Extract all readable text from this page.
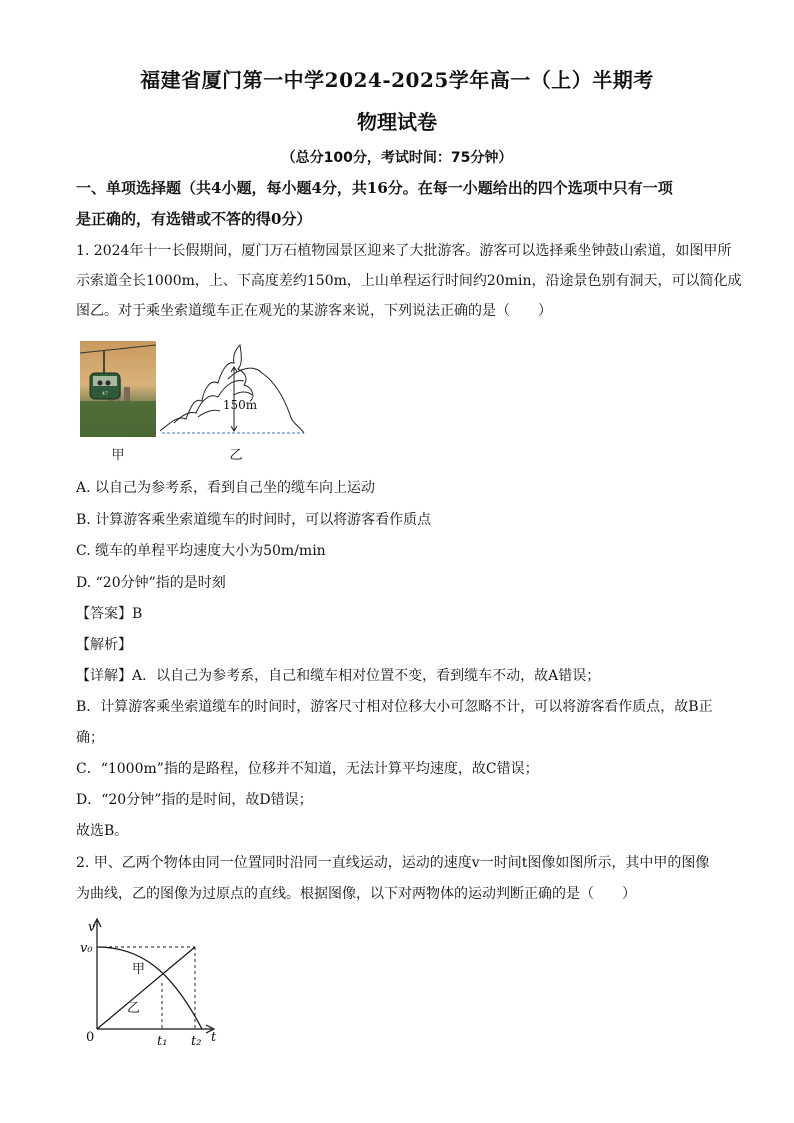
福建省厦门第一中学2024-2025学年高一（上）半期考
物理试卷
（总分100分，考试时间：75分钟）
一、单项选择题（共4小题，每小题4分，共16分。在每一小题给出的四个选项中只有一项
是正确的，有选错或不答的得0分）
1. 2024年十一长假期间，厦门万石植物园景区迎来了大批游客。游客可以选择乘坐钟鼓山索道，如图甲所
示索道全长1000m，上、下高度差约150m，上山单程运行时间约20min，沿途景色别有洞天，可以简化成
图乙。对于乘坐索道缆车正在观光的某游客来说，下列说法正确的是（　　）
47
甲
150m
乙
A. 以自己为参考系，看到自己坐的缆车向上运动
B. 计算游客乘坐索道缆车的时间时，可以将游客看作质点
C. 缆车的单程平均速度大小为50m/min
D. “20分钟”指的是时刻
【答案】B
【解析】
【详解】A．以自己为参考系，自己和缆车相对位置不变，看到缆车不动，故A错误；
B．计算游客乘坐索道缆车的时间时，游客尺寸相对位移大小可忽略不计，可以将游客看作质点，故B正
确；
C．“1000m”指的是路程，位移并不知道，无法计算平均速度，故C错误；
D．“20分钟”指的是时间，故D错误；
故选B。
2. 甲、乙两个物体由同一位置同时沿同一直线运动，运动的速度v一时间t图像如图所示，其中甲的图像
为曲线，乙的图像为过原点的直线。根据图像，以下对两物体的运动判断正确的是（　　）
v
v₀
甲
乙
0	t₁ t₂ t
